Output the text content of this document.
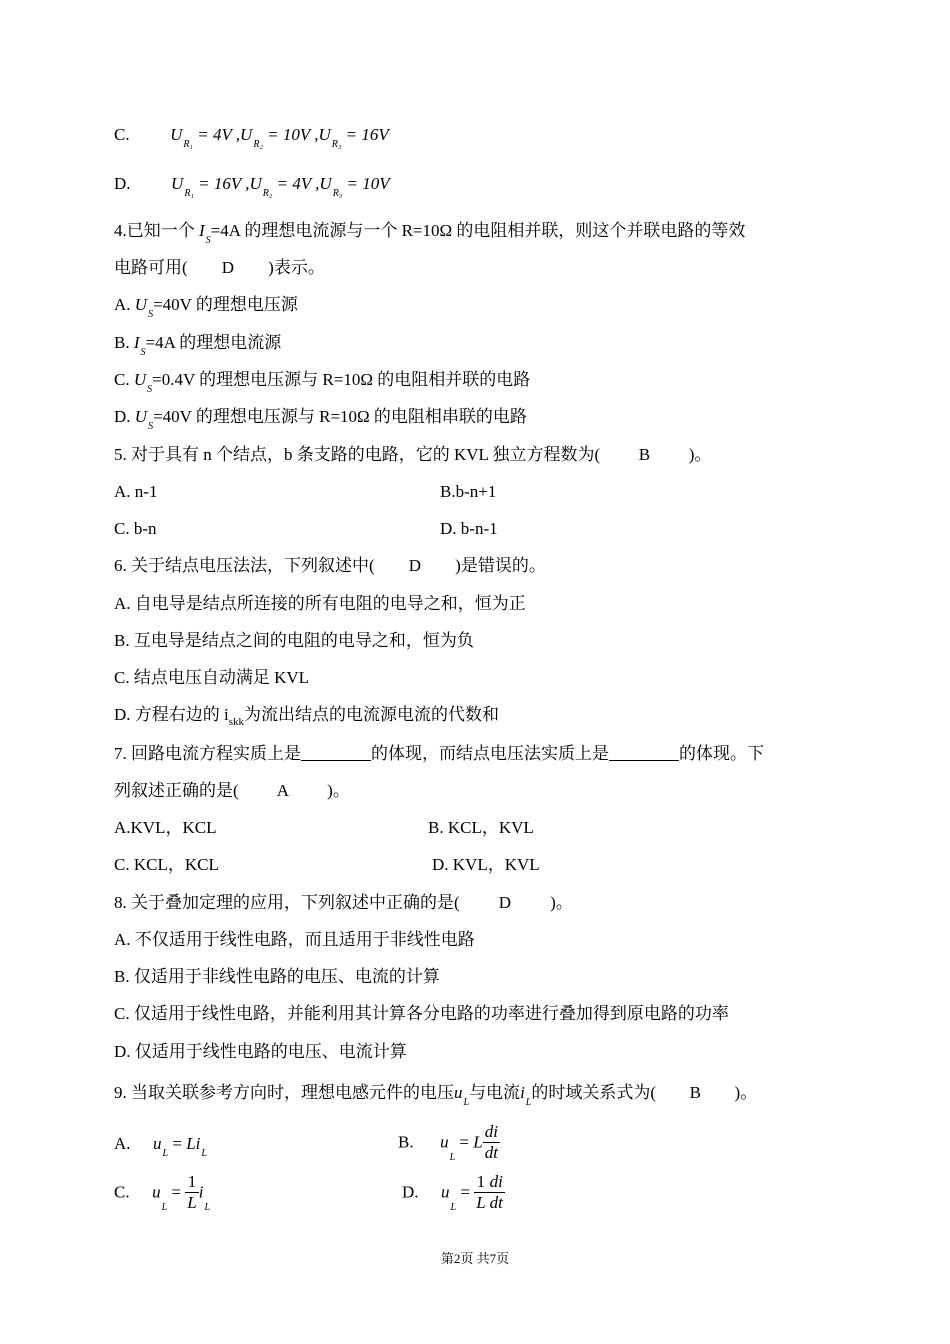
C. $U_{R_1} = 4V$ $,U_{R_2} = 10V$ $,U_{R_3} = 16V$
D. $U_{R_1} = 16V$ $,U_{R_2} = 4V$ $,U_{R_3} = 10V$
4.已知一个 $I_S=4A$ 的理想电流源与一个 R=10Ω 的电阻相并联，则这个并联电路的等效
电路可用( D )表示。
A. $U_S=40V$ 的理想电压源
B. $I_S=4A$ 的理想电流源
C. $U_S=0.4V$ 的理想电压源与 R=10Ω 的电阻相并联的电路
D. $U_S=40V$ 的理想电压源与 R=10Ω 的电阻相串联的电路
5. 对于具有 n 个结点，b 条支路的电路，它的 KVL 独立方程数为( B )。
A. n-1	B.b-n+1
C. b-n	D. b-n-1
6. 关于结点电压法法，下列叙述中( D )是错误的。
A. 自电导是结点所连接的所有电阻的电导之和，恒为正
B. 互电导是结点之间的电阻的电导之和，恒为负
C. 结点电压自动满足 KVL
D. 方程右边的 $i_{skk}$为流出结点的电流源电流的代数和
7. 回路电流方程实质上是	的体现，而结点电压法实质上是	的体现。下
列叙述正确的是( A )。
A.KVL，KCL	B. KCL，KVL
C. KCL，KCL	D. KVL，KVL
8. 关于叠加定理的应用，下列叙述中正确的是( D )。
A. 不仅适用于线性电路，而且适用于非线性电路
B. 仅适用于非线性电路的电压、电流的计算
C. 仅适用于线性电路，并能利用其计算各分电路的功率进行叠加得到原电路的功率
D. 仅适用于线性电路的电压、电流计算
9. 当取关联参考方向时，理想电感元件的电压$u_L$与电流$i_L$的时域关系式为( B )。
A. $u_L = Li_L$
B. $u_L = L \frac{di}{dt}$
C. $u_L = \frac{1}{L} i_L$
D. $u_L = \frac{1}{L} \frac{di}{dt}$
第2页 共7页
